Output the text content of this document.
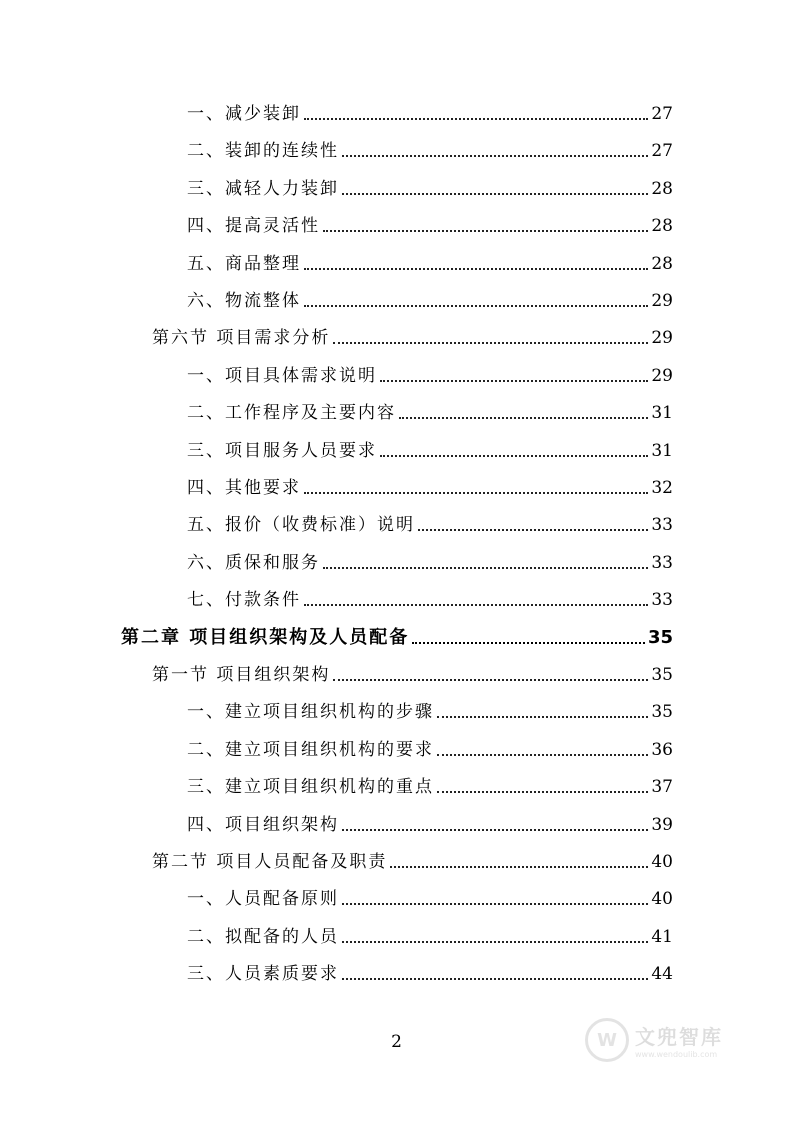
一、减少装卸	27
二、装卸的连续性	27
三、减轻人力装卸	28
四、提高灵活性	28
五、商品整理	28
六、物流整体	29
第六节 项目需求分析	29
一、项目具体需求说明	29
二、工作程序及主要内容	31
三、项目服务人员要求	31
四、其他要求	32
五、报价（收费标准）说明	33
六、质保和服务	33
七、付款条件	33
第二章 项目组织架构及人员配备	35
第一节 项目组织架构	35
一、建立项目组织机构的步骤	35
二、建立项目组织机构的要求	36
三、建立项目组织机构的重点	37
四、项目组织架构	39
第二节 项目人员配备及职责	40
一、人员配备原则	40
二、拟配备的人员	41
三、人员素质要求	44
2	W 文兜智库
www.wendoulib.com
